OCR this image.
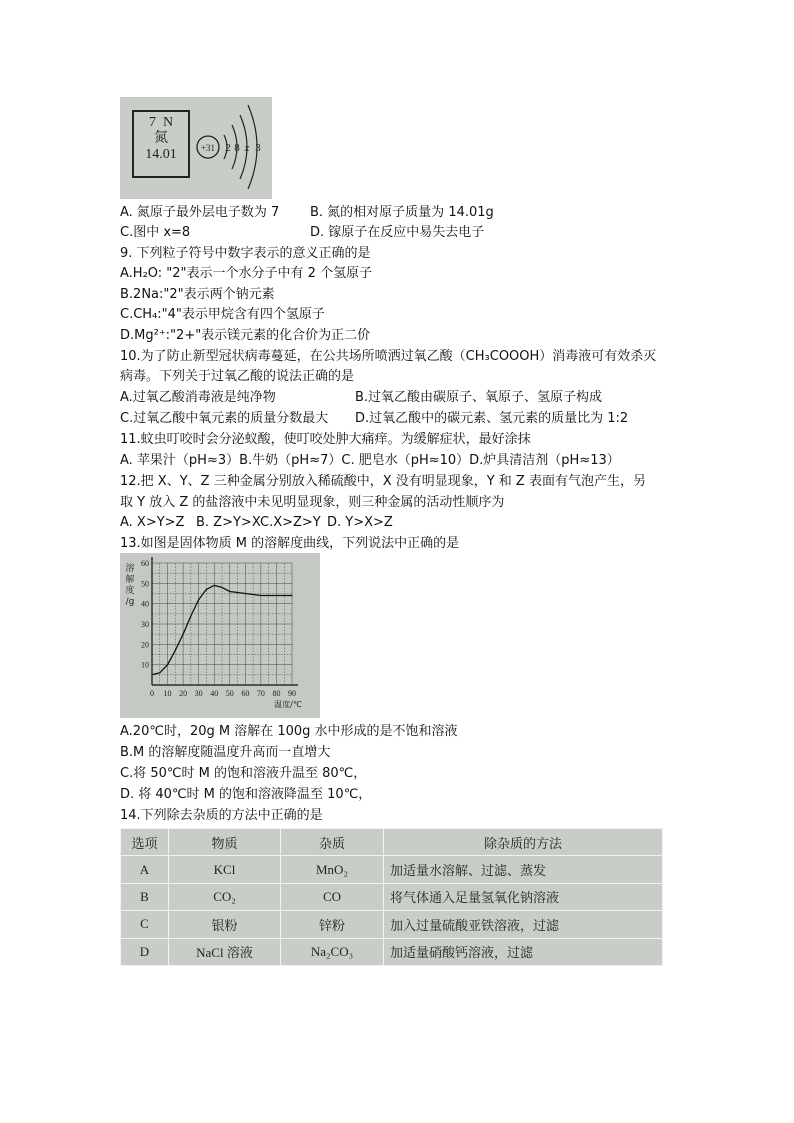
7 N
氮
14.01	+31 2 8 x 3
A. 氮原子最外层电子数为 7 B. 氮的相对原子质量为 14.01g
C.图中 x=8	D. 镓原子在反应中易失去电子
9. 下列粒子符号中数字表示的意义正确的是
A.H₂O: "2"表示一个水分子中有 2 个氢原子
B.2Na:"2"表示两个钠元素
C.CH₄:"4"表示甲烷含有四个氢原子
D.Mg²⁺:"2+"表示镁元素的化合价为正二价
10.为了防止新型冠状病毒蔓延，在公共场所喷洒过氧乙酸（CH₃COOOH）消毒液可有效杀灭
病毒。下列关于过氧乙酸的说法正确的是
A.过氧乙酸消毒液是纯净物	B.过氧乙酸由碳原子、氧原子、氢原子构成
C.过氧乙酸中氧元素的质量分数最大 D.过氧乙酸中的碳元素、氢元素的质量比为 1:2
11.蚊虫叮咬时会分泌蚁酸，使叮咬处肿大痛痒。为缓解症状，最好涂抹
A. 苹果汁（pH≈3）B.牛奶（pH≈7）C. 肥皂水（pH≈10）D.炉具清洁剂（pH≈13）
12.把 X、Y、Z 三种金属分别放入稀硫酸中，X 没有明显现象，Y 和 Z 表面有气泡产生，另
取 Y 放入 Z 的盐溶液中未见明显现象，则三种金属的活动性顺序为
A. X>Y>Z B. Z>Y>X C.X>Z>Y D. Y>X>Z
13.如图是固体物质 M 的溶解度曲线，下列说法中正确的是
0 10 20 30 40 50 60 70 80 90
10
20
30
40
50
60
溶
解
度
/g
温度/℃
A.20℃时，20g M 溶解在 100g 水中形成的是不饱和溶液
B.M 的溶解度随温度升高而一直增大
C.将 50℃时 M 的饱和溶液升温至 80℃，
D. 将 40℃时 M 的饱和溶液降温至 10℃，
14.下列除去杂质的方法中正确的是
选项	物质	杂质	除杂质的方法
A	KCl	MnO₂	加适量水溶解、过滤、蒸发
B	CO₂	CO	将气体通入足量氢氧化钠溶液
C	银粉	锌粉	加入过量硫酸亚铁溶液，过滤
D	NaCl 溶液	Na₂CO₃	加适量硝酸钙溶液，过滤
